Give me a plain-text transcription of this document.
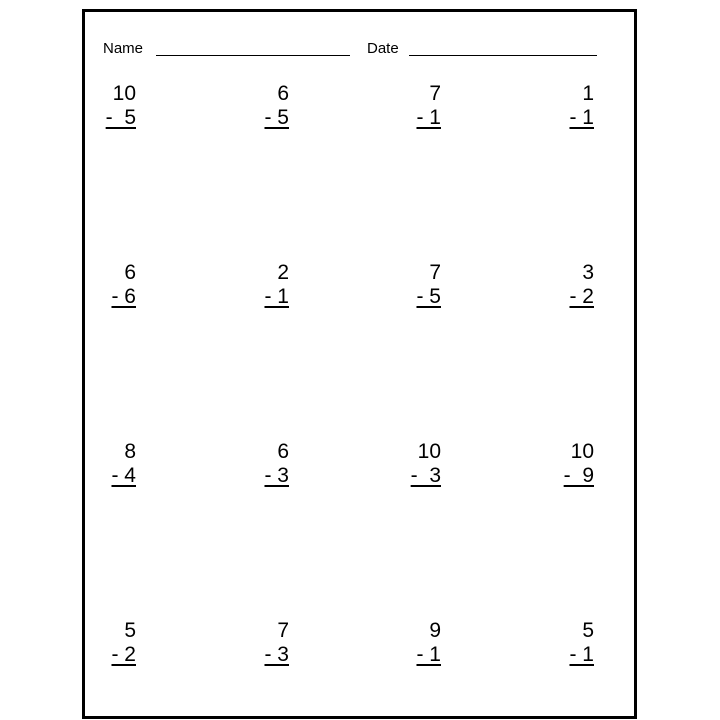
Name	Date
10
-  5
6
- 5
7
- 1
1
- 1
6
- 6
2
- 1
7
- 5
3
- 2
8
- 4
6
- 3
10
-  3
10
-  9
5
- 2
7
- 3
9
- 1
5
- 1
